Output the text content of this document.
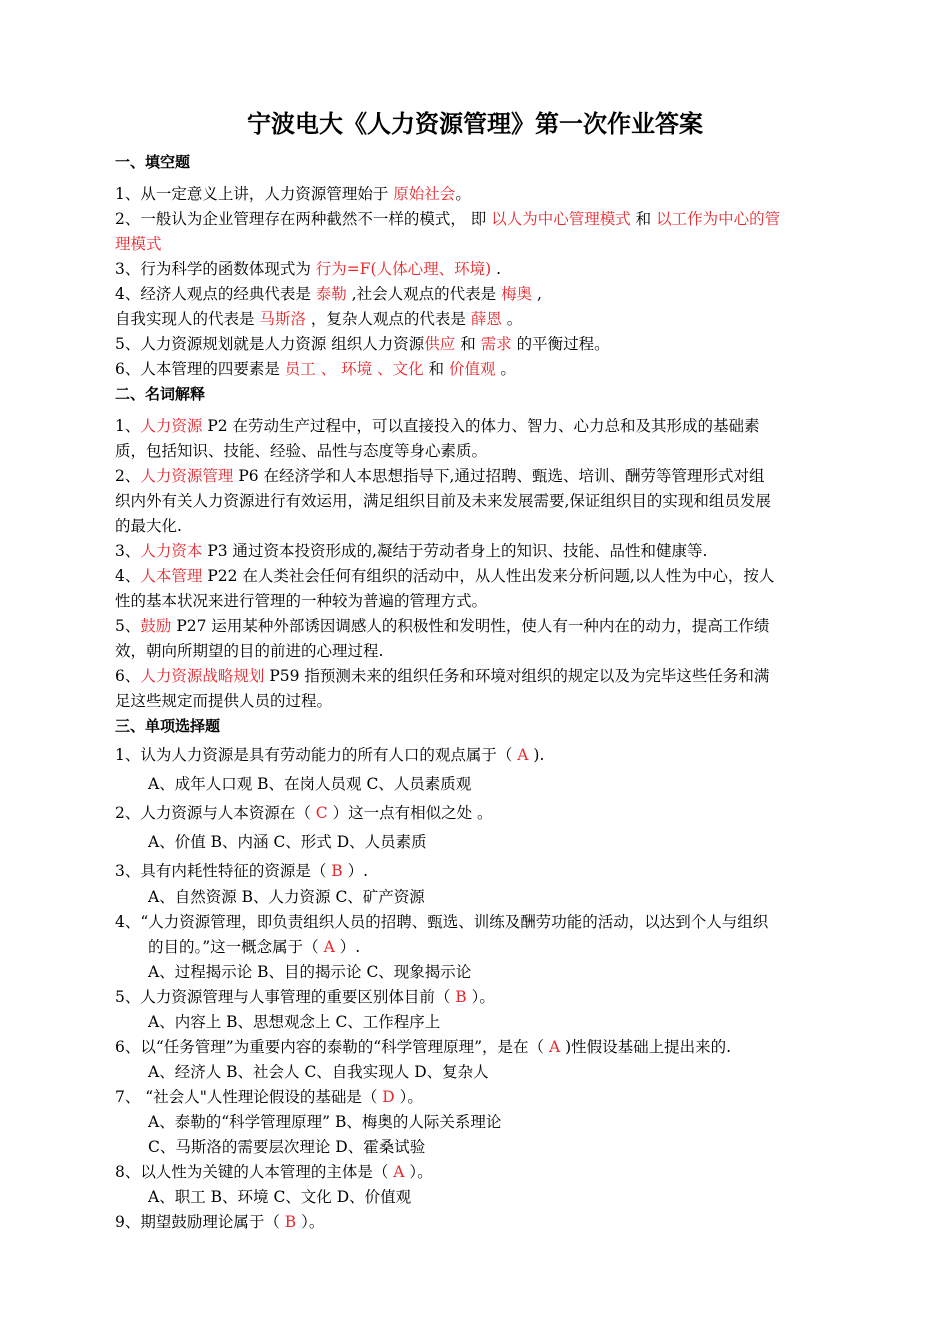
宁波电大《人力资源管理》第一次作业答案
一、填空题
1、从一定意义上讲，人力资源管理始于 原始社会。
2、一般认为企业管理存在两种截然不一样的模式， 即 以人为中心管理模式 和 以工作为中心的管
理模式
3、行为科学的函数体现式为 行为=F(人体心理、环境) .
4、经济人观点的经典代表是 泰勒 ,社会人观点的代表是 梅奥 ,
自我实现人的代表是 马斯洛 ，复杂人观点的代表是 薛恩 。
5、人力资源规划就是人力资源 组织人力资源供应 和 需求 的平衡过程。
6、人本管理的四要素是 员工 、 环境 、文化 和 价值观 。
二、名词解释
1、人力资源 P2 在劳动生产过程中，可以直接投入的体力、智力、心力总和及其形成的基础素
质，包括知识、技能、经验、品性与态度等身心素质。
2、人力资源管理 P6 在经济学和人本思想指导下,通过招聘、甄选、培训、酬劳等管理形式对组
织内外有关人力资源进行有效运用，满足组织目前及未来发展需要,保证组织目的实现和组员发展
的最大化.
3、人力资本 P3 通过资本投资形成的,凝结于劳动者身上的知识、技能、品性和健康等.
4、人本管理 P22 在人类社会任何有组织的活动中，从人性出发来分析问题,以人性为中心，按人
性的基本状况来进行管理的一种较为普遍的管理方式。
5、鼓励 P27 运用某种外部诱因调感人的积极性和发明性，使人有一种内在的动力，提高工作绩
效，朝向所期望的目的前进的心理过程.
6、人力资源战略规划 P59 指预测未来的组织任务和环境对组织的规定以及为完毕这些任务和满
足这些规定而提供人员的过程。
三、单项选择题
1、认为人力资源是具有劳动能力的所有人口的观点属于（ A ).
A、成年人口观 B、在岗人员观 C、人员素质观
2、人力资源与人本资源在（ C ）这一点有相似之处 。
A、价值 B、内涵 C、形式 D、人员素质
3、具有内耗性特征的资源是（ B ）.
A、自然资源 B、人力资源 C、矿产资源
4、“人力资源管理，即负责组织人员的招聘、甄选、训练及酬劳功能的活动，以达到个人与组织
的目的。”这一概念属于（ A ）.
A、过程揭示论 B、目的揭示论 C、现象揭示论
5、人力资源管理与人事管理的重要区别体目前（ B ）。
A、内容上 B、思想观念上 C、工作程序上
6、以“任务管理”为重要内容的泰勒的“科学管理原理”，是在（ A )性假设基础上提出来的.
A、经济人 B、社会人 C、自我实现人 D、复杂人
7、 “社会人"人性理论假设的基础是（ D ）。
A、泰勒的“科学管理原理” B、梅奥的人际关系理论
C、马斯洛的需要层次理论 D、霍桑试验
8、以人性为关键的人本管理的主体是（ A ）。
A、职工 B、环境 C、文化 D、价值观
9、期望鼓励理论属于（ B ）。
